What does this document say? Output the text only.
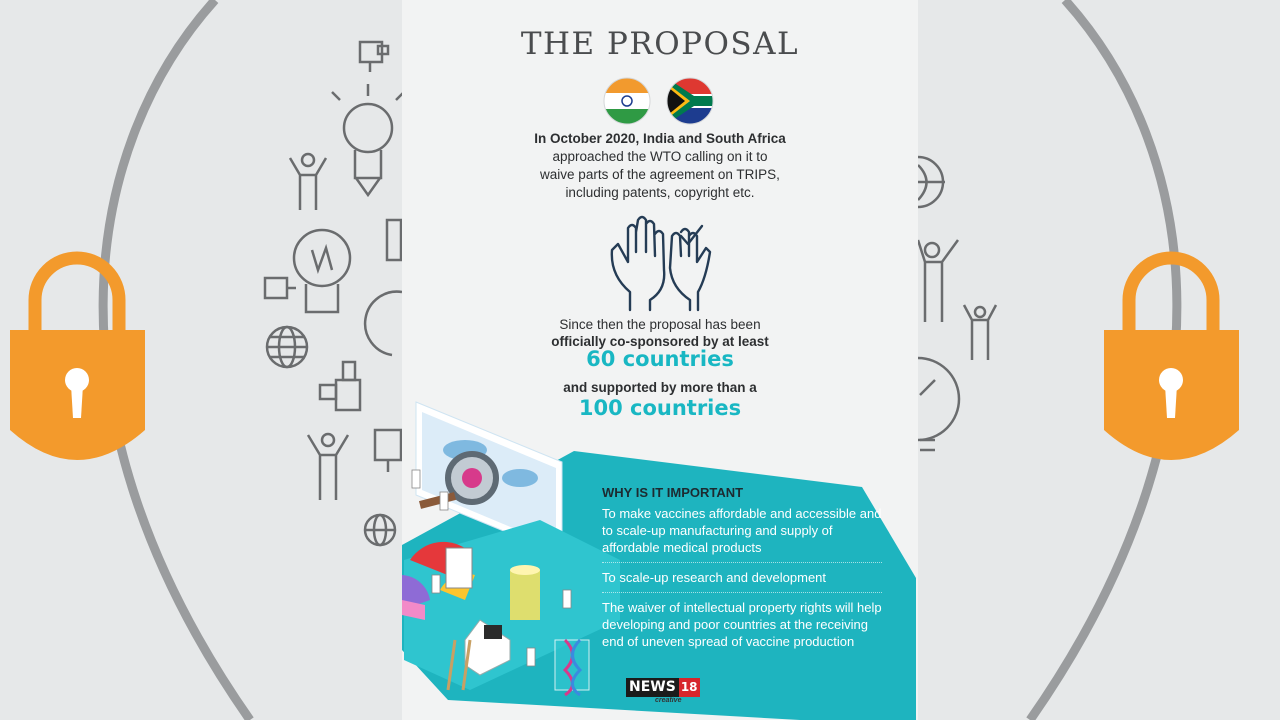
THE PROPOSAL
In October 2020, India and South Africa
approached the WTO calling on it to waive parts of the agreement on TRIPS, including patents, copyright etc.
Since then the proposal has been
officially co-sponsored by at least
60 countries
and supported by more than a
100 countries
WHY IS IT IMPORTANT
To make vaccines affordable and accessible and to scale-up manufacturing and supply of affordable medical products
To scale-up research and development
The waiver of intellectual property rights will help developing and poor countries at the receiving end of uneven spread of vaccine production
NEWS 18
creative
